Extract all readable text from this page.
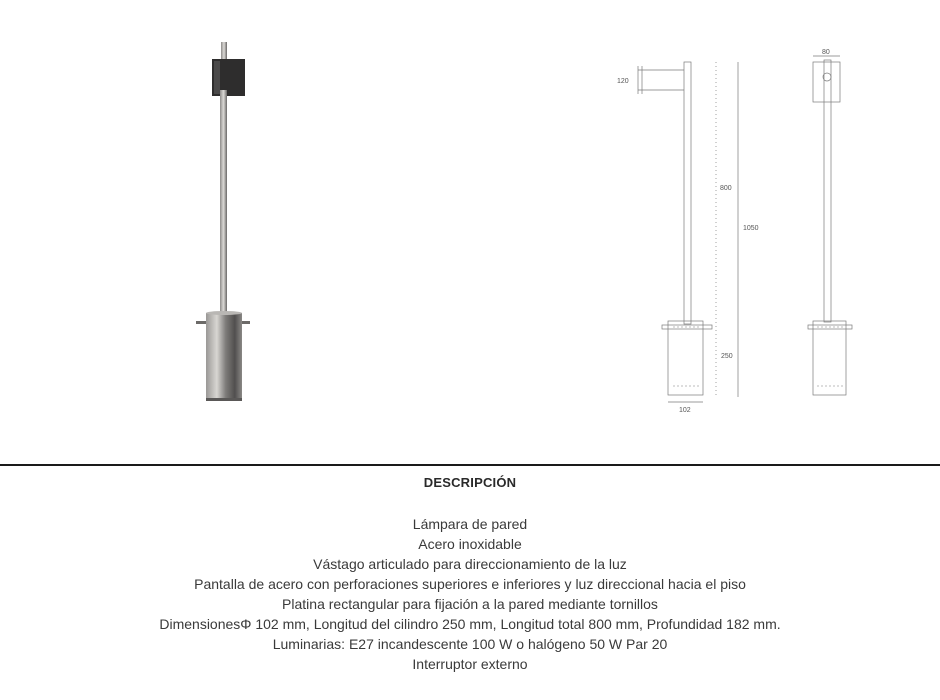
80
120
800
1050
250
102
DESCRIPCIÓN
Lámpara de pared
Acero inoxidable
Vástago articulado para direccionamiento de la luz
Pantalla de acero con perforaciones superiores e inferiores y luz direccional hacia el piso
Platina rectangular para fijación a la pared mediante tornillos
DimensionesΦ 102 mm, Longitud del cilindro 250 mm, Longitud total 800 mm, Profundidad 182 mm.
Luminarias: E27 incandescente 100 W o halógeno 50 W Par 20
Interruptor externo
